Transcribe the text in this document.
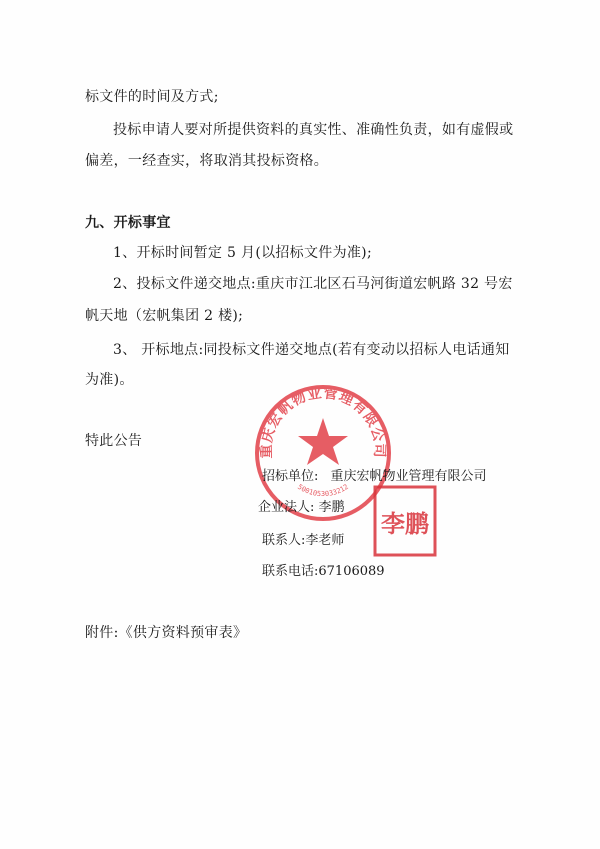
标文件的时间及方式;
投标申请人要对所提供资料的真实性、准确性负责，如有虚假或
偏差，一经查实，将取消其投标资格。
九、开标事宜
1、开标时间暂定 5 月(以招标文件为准);
2、投标文件递交地点:重庆市江北区石马河街道宏帆路 32 号宏
帆天地（宏帆集团 2 楼);
3、 开标地点:同投标文件递交地点(若有变动以招标人电话通知
为准)。
特此公告
重庆宏帆物业管理有限公司
5001053033212
招标单位: 重庆宏帆物业管理有限公司
企业法人: 李鹏
联系人:李老师
联系电话:67106089
李鹏
附件:《供方资料预审表》
